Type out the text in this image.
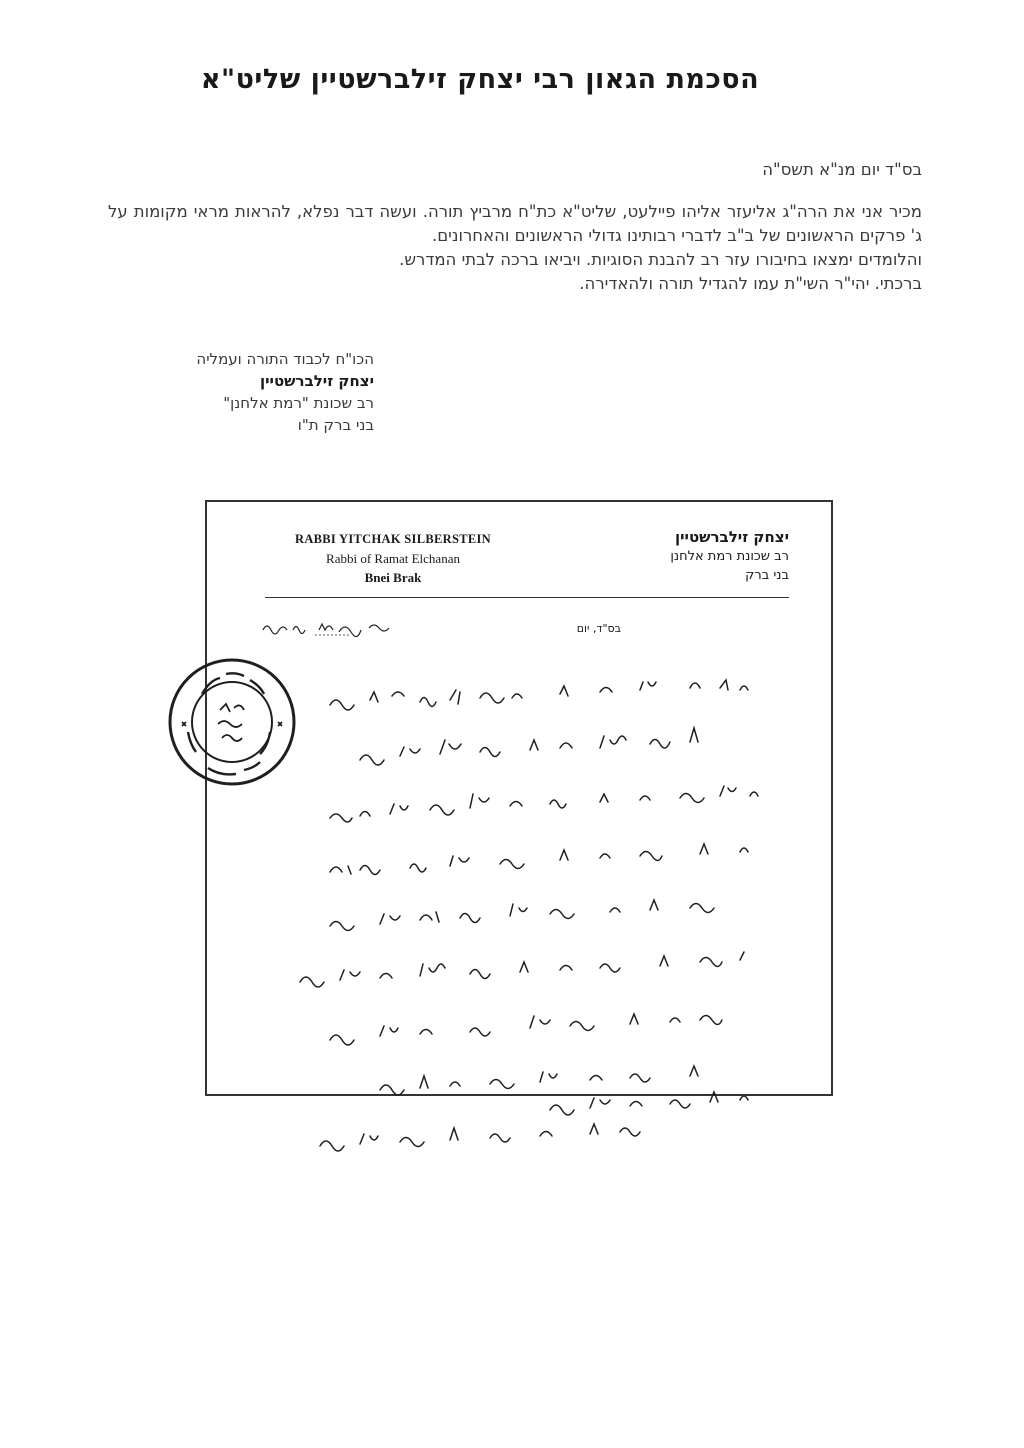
הסכמת הגאון רבי יצחק זילברשטיין שליט"א
בס"ד יום מנ"א תשס"ה

מכיר אני את הרה"ג אליעזר אליהו פיילעט, שליט"א כת"ח מרביץ תורה. ועשה דבר נפלא, להראות מראי מקומות על ג' פרקים הראשונים של ב"ב לדברי רבותינו גדולי הראשונים והאחרונים.

והלומדים ימצאו בחיבורו עזר רב להבנת הסוגיות. ויביאו ברכה לבתי המדרש.

ברכתי. יהי"ר השי"ת עמו להגדיל תורה ולהאדירה.

הכו"ח לכבוד התורה ועמליה
יצחק זילברשטיין
רב שכונת "רמת אלחנן"
בני ברק ת"ו
RABBI YITCHAK SILBERSTEIN
Rabbi of Ramat Elchanan
Bnei Brak
יצחק זילברשטיין
רב שכונת רמת אלחנן
בני ברק
בס"ד, יום
